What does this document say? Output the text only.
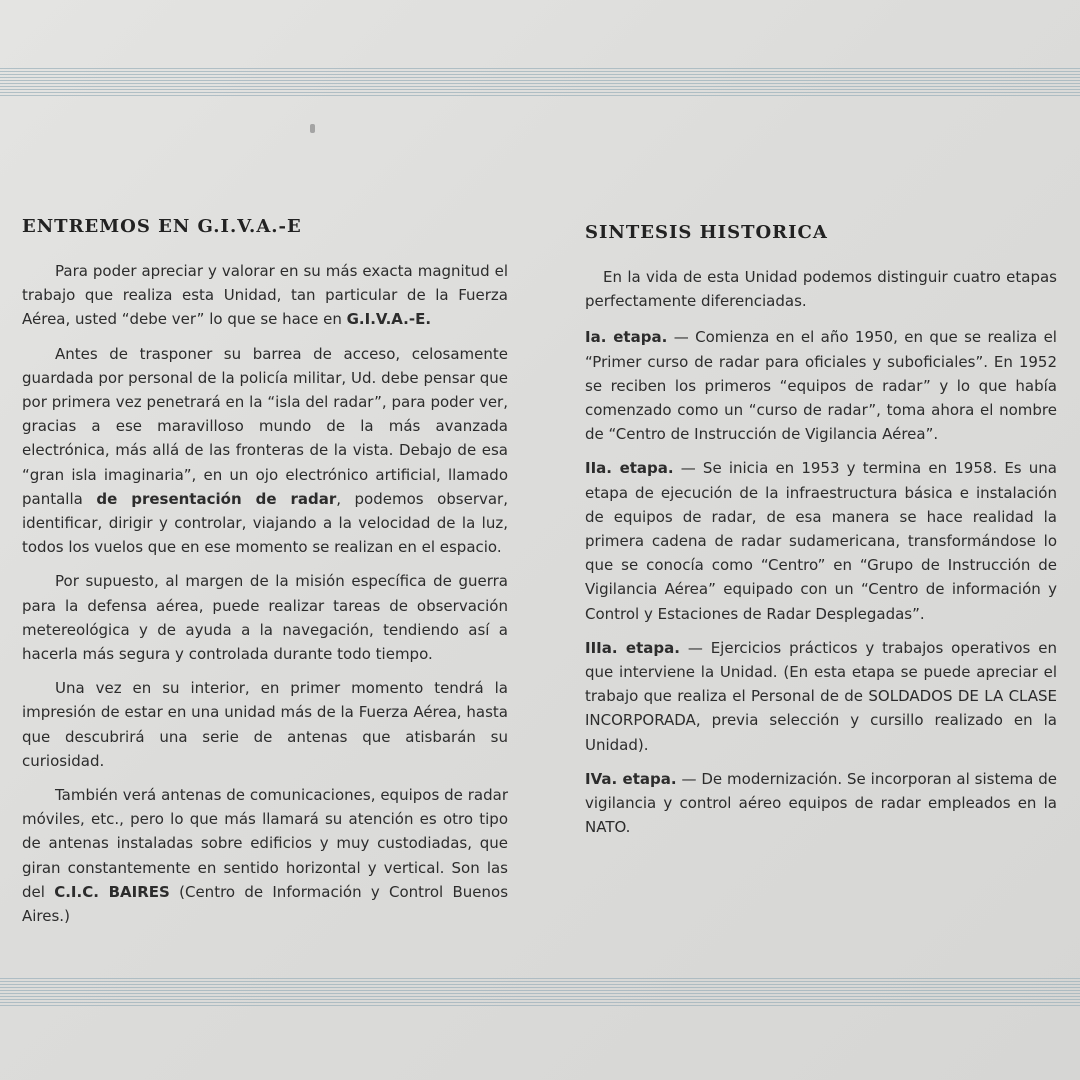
ENTREMOS EN G.I.V.A.-E

Para poder apreciar y valorar en su más exacta magnitud el trabajo que realiza esta Unidad, tan particular de la Fuerza Aérea, usted “debe ver” lo que se hace en G.I.V.A.-E.

Antes de trasponer su barrea de acceso, celosamente guardada por personal de la policía militar, Ud. debe pensar que por primera vez penetrará en la “isla del radar”, para poder ver, gracias a ese maravilloso mundo de la más avanzada electrónica, más allá de las fronteras de la vista. Debajo de esa “gran isla imaginaria”, en un ojo electrónico artificial, llamado pantalla de presentación de radar, podemos observar, identificar, dirigir y controlar, viajando a la velocidad de la luz, todos los vuelos que en ese momento se realizan en el espacio.

Por supuesto, al margen de la misión específica de guerra para la defensa aérea, puede realizar tareas de observación metereológica y de ayuda a la navegación, tendiendo así a hacerla más segura y controlada durante todo tiempo.

Una vez en su interior, en primer momento tendrá la impresión de estar en una unidad más de la Fuerza Aérea, hasta que descubrirá una serie de antenas que atisbarán su curiosidad.

También verá antenas de comunicaciones, equipos de radar móviles, etc., pero lo que más llamará su atención es otro tipo de antenas instaladas sobre edificios y muy custodiadas, que giran constantemente en sentido horizontal y vertical. Son las del C.I.C. BAIRES (Centro de Información y Control Buenos Aires.)

SINTESIS HISTORICA

En la vida de esta Unidad podemos distinguir cuatro etapas perfectamente diferenciadas.

Ia. etapa. — Comienza en el año 1950, en que se realiza el “Primer curso de radar para oficiales y suboficiales”. En 1952 se reciben los primeros “equipos de radar” y lo que había comenzado como un “curso de radar”, toma ahora el nombre de “Centro de Instrucción de Vigilancia Aérea”.
IIa. etapa. — Se inicia en 1953 y termina en 1958. Es una etapa de ejecución de la infraestructura básica e instalación de equipos de radar, de esa manera se hace realidad la primera cadena de radar sudamericana, transformándose lo que se conocía como “Centro” en “Grupo de Instrucción de Vigilancia Aérea” equipado con un “Centro de información y Control y Estaciones de Radar Desplegadas”.
IIIa. etapa. — Ejercicios prácticos y trabajos operativos en que interviene la Unidad. (En esta etapa se puede apreciar el trabajo que realiza el Personal de de SOLDADOS DE LA CLASE INCORPORADA, previa selección y cursillo realizado en la Unidad).
IVa. etapa. — De modernización. Se incorporan al sistema de vigilancia y control aéreo equipos de radar empleados en la NATO.
